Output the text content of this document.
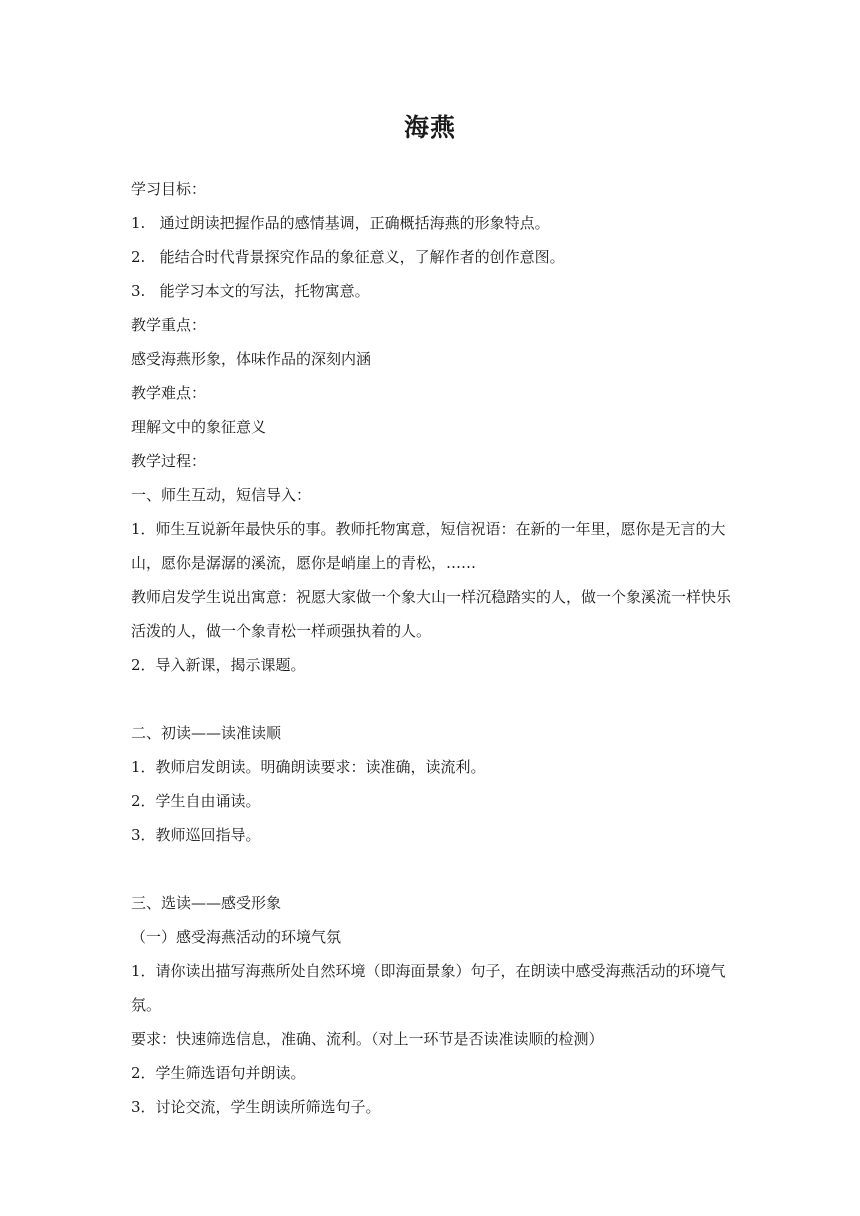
海燕

学习目标：

1.   通过朗读把握作品的感情基调，正确概括海燕的形象特点。

2.   能结合时代背景探究作品的象征意义，了解作者的创作意图。

3.   能学习本文的写法，托物寓意。

教学重点：

感受海燕形象，体味作品的深刻内涵

教学难点：

理解文中的象征意义

教学过程：

一、师生互动，短信导入：

1．师生互说新年最快乐的事。教师托物寓意，短信祝语：在新的一年里，愿你是无言的大山，愿你是潺潺的溪流，愿你是峭崖上的青松，……

教师启发学生说出寓意：祝愿大家做一个象大山一样沉稳踏实的人，做一个象溪流一样快乐活泼的人，做一个象青松一样顽强执着的人。

2．导入新课，揭示课题。

二、初读——读准读顺

1．教师启发朗读。明确朗读要求：读准确，读流利。

2．学生自由诵读。

3．教师巡回指导。

三、选读——感受形象

（一）感受海燕活动的环境气氛

1．请你读出描写海燕所处自然环境（即海面景象）句子，在朗读中感受海燕活动的环境气氛。

要求：快速筛选信息，准确、流利。（对上一环节是否读准读顺的检测）

2．学生筛选语句并朗读。

3．讨论交流，学生朗读所筛选句子。
